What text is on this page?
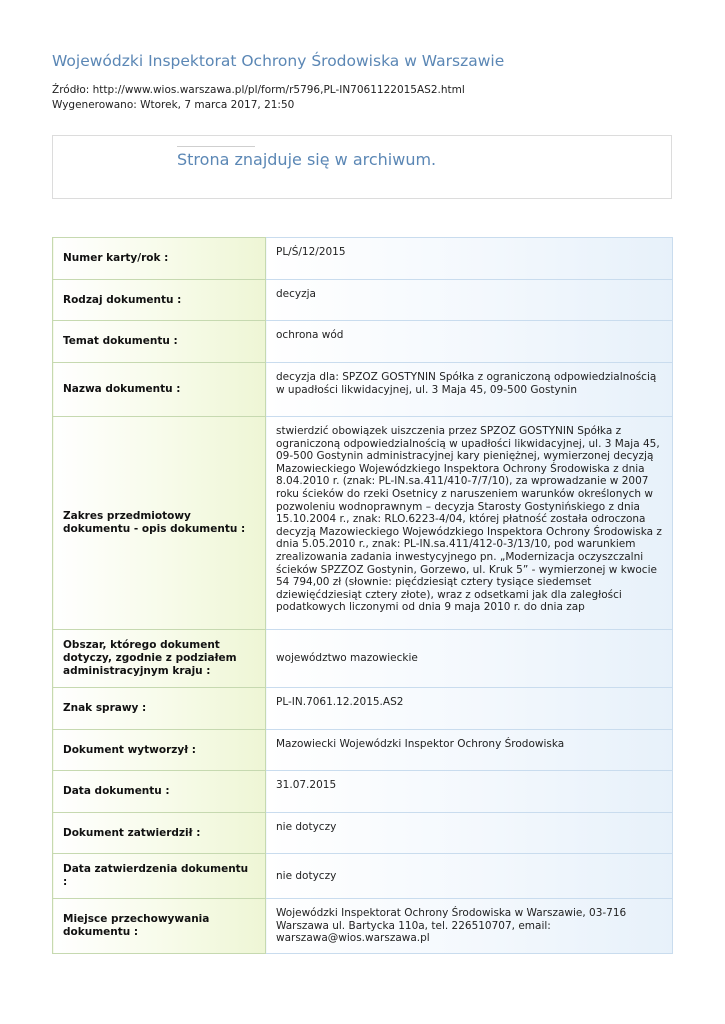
Wojewódzki Inspektorat Ochrony Środowiska w Warszawie
Źródło: http://www.wios.warszawa.pl/pl/form/r5796,PL-IN7061122015AS2.html
Wygenerowano: Wtorek, 7 marca 2017, 21:50
Strona znajduje się w archiwum.
Numer karty/rok :	PL/Ś/12/2015
Rodzaj dokumentu :	decyzja
Temat dokumentu :	ochrona wód
Nazwa dokumentu :	decyzja dla: SPZOZ GOSTYNIN Spółka z ograniczoną odpowiedzialnością w upadłości likwidacyjnej, ul. 3 Maja 45, 09-500 Gostynin
Zakres przedmiotowy dokumentu - opis dokumentu :	stwierdzić obowiązek uiszczenia przez SPZOZ GOSTYNIN Spółka z ograniczoną odpowiedzialnością w upadłości likwidacyjnej, ul. 3 Maja 45, 09-500 Gostynin administracyjnej kary pieniężnej, wymierzonej decyzją Mazowieckiego Wojewódzkiego Inspektora Ochrony Środowiska z dnia 8.04.2010 r. (znak: PL-IN.sa.411/410-7/7/10), za wprowadzanie w 2007 roku ścieków do rzeki Osetnicy z naruszeniem warunków określonych w pozwoleniu wodnoprawnym – decyzja Starosty Gostynińskiego z dnia 15.10.2004 r., znak: RLO.6223-4/04, której płatność została odroczona decyzją Mazowieckiego Wojewódzkiego Inspektora Ochrony Środowiska z dnia 5.05.2010 r., znak: PL-IN.sa.411/412-0-3/13/10, pod warunkiem zrealizowania zadania inwestycyjnego pn. „Modernizacja oczyszczalni ścieków SPZZOZ Gostynin, Gorzewo, ul. Kruk 5” - wymierzonej w kwocie 54 794,00 zł (słownie: pięćdziesiąt cztery tysiące siedemset dziewięćdziesiąt cztery złote), wraz z odsetkami jak dla zaległości podatkowych liczonymi od dnia 9 maja 2010 r. do dnia zap
Obszar, którego dokument dotyczy, zgodnie z podziałem administracyjnym kraju :	województwo mazowieckie
Znak sprawy :	PL-IN.7061.12.2015.AS2
Dokument wytworzył :	Mazowiecki Wojewódzki Inspektor Ochrony Środowiska
Data dokumentu :	31.07.2015
Dokument zatwierdził :	nie dotyczy
Data zatwierdzenia dokumentu :	nie dotyczy
Miejsce przechowywania dokumentu :	Wojewódzki Inspektorat Ochrony Środowiska w Warszawie, 03-716 Warszawa ul. Bartycka 110a, tel. 226510707, email: warszawa@wios.warszawa.pl
